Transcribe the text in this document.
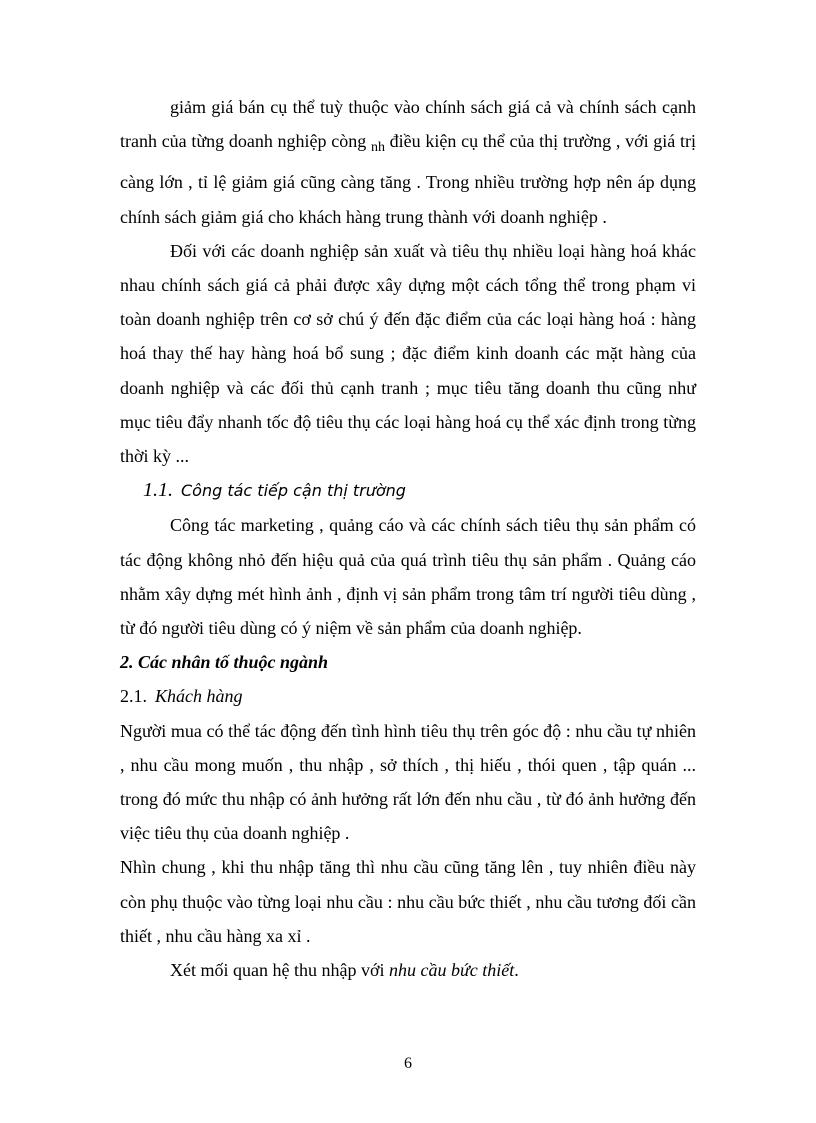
giảm giá bán cụ thể tuỳ thuộc vào chính sách giá cả và chính sách cạnh tranh của từng doanh nghiệp còng $_{nh}$ điều kiện cụ thể của thị trường , với giá trị càng lớn , tỉ lệ giảm giá cũng càng tăng . Trong nhiều trường hợp nên áp dụng chính sách giảm giá cho khách hàng trung thành với doanh nghiệp .

Đối với các doanh nghiệp sản xuất và tiêu thụ nhiều loại hàng hoá khác nhau chính sách giá cả phải được xây dựng một cách tổng thể trong phạm vi toàn doanh nghiệp trên cơ sở chú ý đến đặc điểm của các loại hàng hoá : hàng hoá thay thế hay hàng hoá bổ sung ; đặc điểm kinh doanh các mặt hàng của doanh nghiệp và các đối thủ cạnh tranh ; mục tiêu tăng doanh thu cũng như mục tiêu đẩy nhanh tốc độ tiêu thụ các loại hàng hoá cụ thể xác định trong từng thời kỳ ...

1.1. Công tác tiếp cận thị trường

Công tác marketing , quảng cáo và các chính sách tiêu thụ sản phẩm có tác động không nhỏ đến hiệu quả của quá trình tiêu thụ sản phẩm . Quảng cáo nhằm xây dựng mét hình ảnh , định vị sản phẩm trong tâm trí người tiêu dùng , từ đó người tiêu dùng có ý niệm về sản phẩm của doanh nghiệp.

2. Các nhân tố thuộc ngành

2.1. Khách hàng

Người mua có thể tác động đến tình hình tiêu thụ trên góc độ : nhu cầu tự nhiên , nhu cầu mong muốn , thu nhập , sở thích , thị hiếu , thói quen , tập quán ... trong đó mức thu nhập có ảnh hưởng rất lớn đến nhu cầu , từ đó ảnh hưởng đến việc tiêu thụ của doanh nghiệp .

Nhìn chung , khi thu nhập tăng thì nhu cầu cũng tăng lên , tuy nhiên điều này còn phụ thuộc vào từng loại nhu cầu : nhu cầu bức thiết , nhu cầu tương đối cần thiết , nhu cầu hàng xa xỉ .

Xét mối quan hệ thu nhập với nhu cầu bức thiết.

6
